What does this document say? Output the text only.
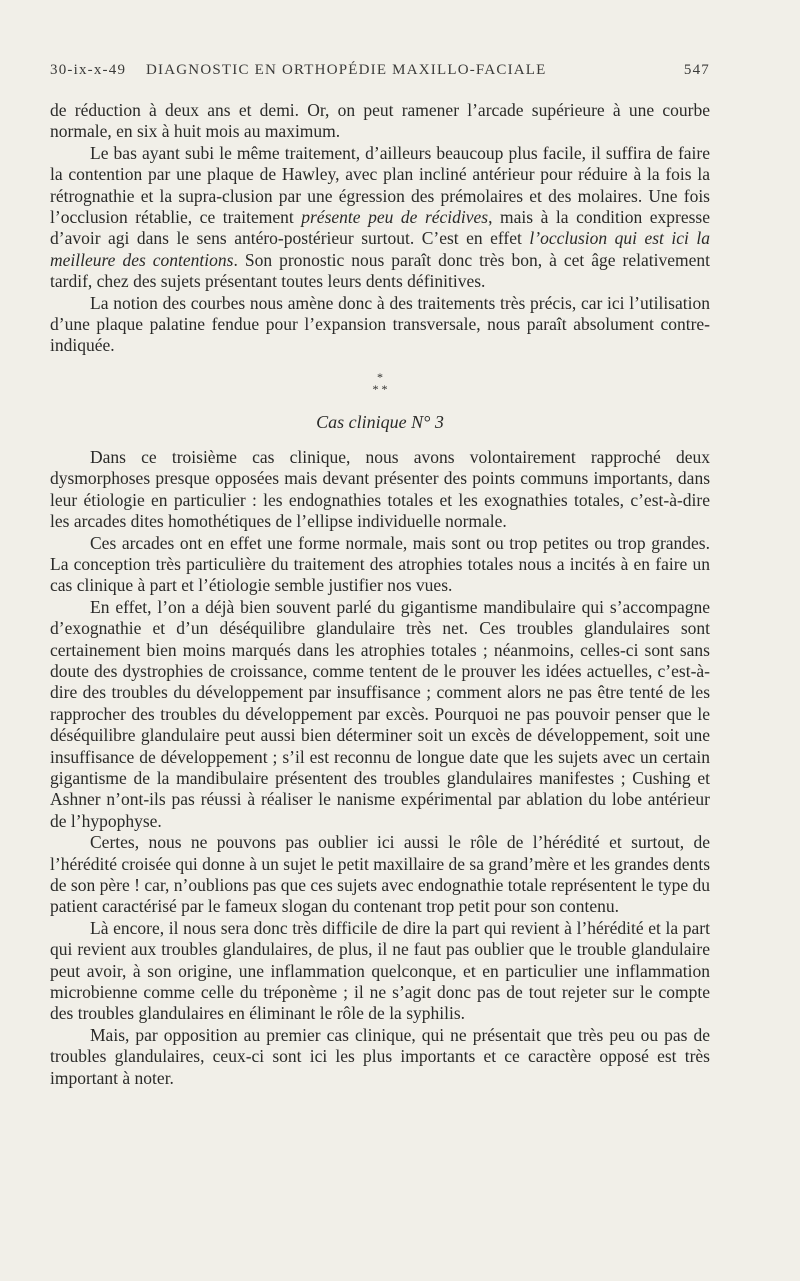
30-ix-x-49 DIAGNOSTIC EN ORTHOPÉDIE MAXILLO-FACIALE	547

de réduction à deux ans et demi. Or, on peut ramener l’arcade supérieure à une courbe normale, en six à huit mois au maximum.

Le bas ayant subi le même traitement, d’ailleurs beaucoup plus facile, il suffira de faire la contention par une plaque de Hawley, avec plan incliné antérieur pour réduire à la fois la rétrognathie et la supra-clusion par une égression des prémolaires et des molaires. Une fois l’occlusion rétablie, ce traitement présente peu de récidives, mais à la condition expresse d’avoir agi dans le sens antéro-postérieur surtout. C’est en effet l’occlusion qui est ici la meilleure des contentions. Son pronostic nous paraît donc très bon, à cet âge relativement tardif, chez des sujets présentant toutes leurs dents définitives.

La notion des courbes nous amène donc à des traitements très précis, car ici l’utilisation d’une plaque palatine fendue pour l’expansion transversale, nous paraît absolument contre-indiquée.

*
* *
Cas clinique N° 3

Dans ce troisième cas clinique, nous avons volontairement rapproché deux dysmorphoses presque opposées mais devant présenter des points communs importants, dans leur étiologie en particulier : les endognathies totales et les exognathies totales, c’est-à-dire les arcades dites homothétiques de l’ellipse individuelle normale.

Ces arcades ont en effet une forme normale, mais sont ou trop petites ou trop grandes. La conception très particulière du traitement des atrophies totales nous a incités à en faire un cas clinique à part et l’étiologie semble justifier nos vues.

En effet, l’on a déjà bien souvent parlé du gigantisme mandibulaire qui s’accompagne d’exognathie et d’un déséquilibre glandulaire très net. Ces troubles glandulaires sont certainement bien moins marqués dans les atrophies totales ; néanmoins, celles-ci sont sans doute des dystrophies de croissance, comme tentent de le prouver les idées actuelles, c’est-à-dire des troubles du développement par insuffisance ; comment alors ne pas être tenté de les rapprocher des troubles du développement par excès. Pourquoi ne pas pouvoir penser que le déséquilibre glandulaire peut aussi bien déterminer soit un excès de développement, soit une insuffisance de développement ; s’il est reconnu de longue date que les sujets avec un certain gigantisme de la mandibulaire présentent des troubles glandulaires manifestes ; Cushing et Ashner n’ont-ils pas réussi à réaliser le nanisme expérimental par ablation du lobe antérieur de l’hypophyse.

Certes, nous ne pouvons pas oublier ici aussi le rôle de l’hérédité et surtout, de l’hérédité croisée qui donne à un sujet le petit maxillaire de sa grand’mère et les grandes dents de son père ! car, n’oublions pas que ces sujets avec endognathie totale représentent le type du patient caractérisé par le fameux slogan du contenant trop petit pour son contenu.

Là encore, il nous sera donc très difficile de dire la part qui revient à l’hérédité et la part qui revient aux troubles glandulaires, de plus, il ne faut pas oublier que le trouble glandulaire peut avoir, à son origine, une inflammation quelconque, et en particulier une inflammation microbienne comme celle du tréponème ; il ne s’agit donc pas de tout rejeter sur le compte des troubles glandulaires en éliminant le rôle de la syphilis.

Mais, par opposition au premier cas clinique, qui ne présentait que très peu ou pas de troubles glandulaires, ceux-ci sont ici les plus importants et ce caractère opposé est très important à noter.
